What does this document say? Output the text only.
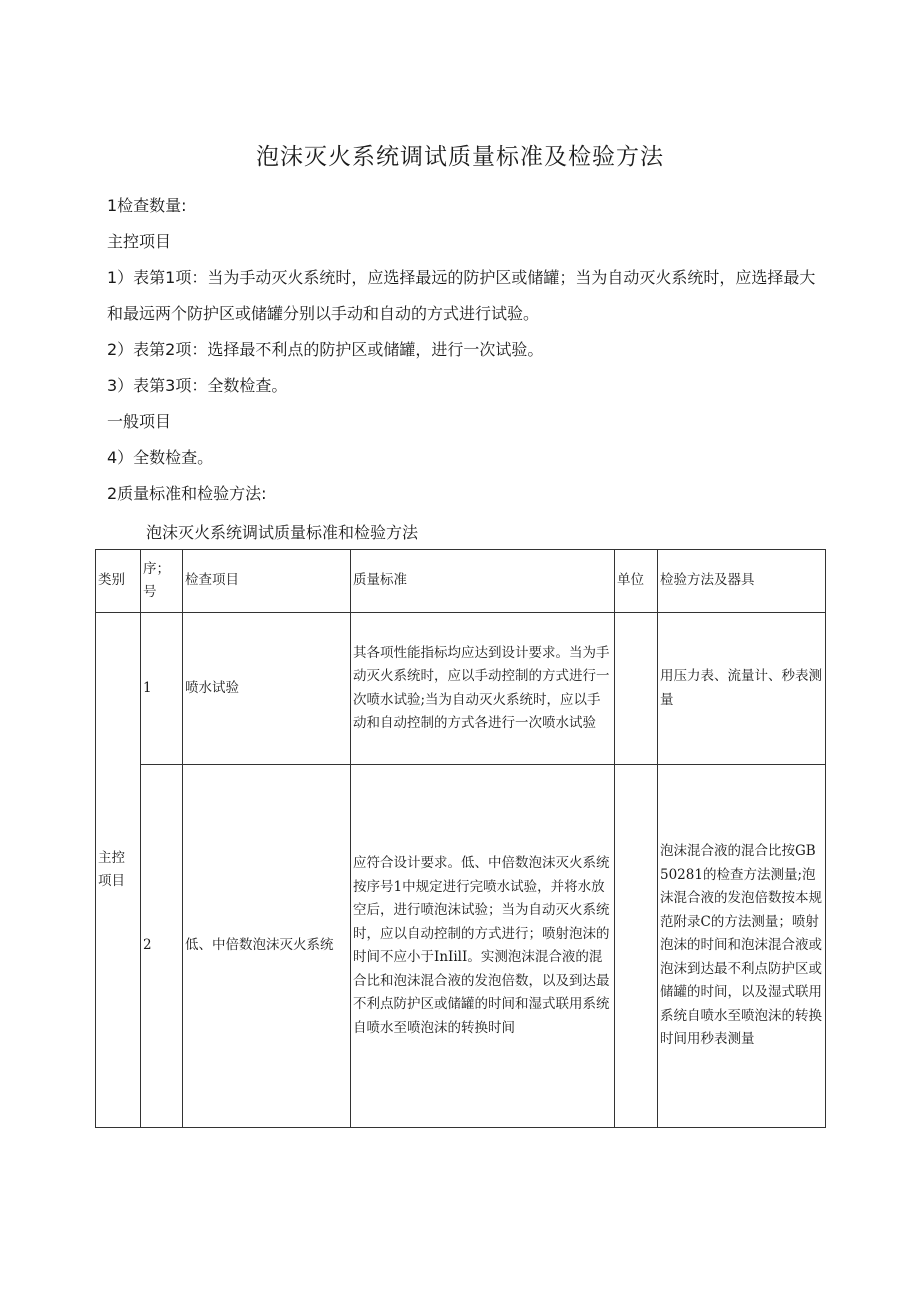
泡沫灭火系统调试质量标准及检验方法
1检查数量:
主控项目
1）表第1项：当为手动灭火系统时，应选择最远的防护区或储罐；当为自动灭火系统时，应选择最大和最远两个防护区或储罐分别以手动和自动的方式进行试验。
2）表第2项：选择最不利点的防护区或储罐，进行一次试验。
3）表第3项：全数检查。
一般项目
4）全数检查。
2质量标准和检验方法:
泡沫灭火系统调试质量标准和检验方法
类别	序；号	检查项目	质量标准	单位	检验方法及器具
主控项目	1	喷水试验	其各项性能指标均应达到设计要求。当为手动灭火系统时，应以手动控制的方式进行一次喷水试验;当为自动灭火系统时，应以手动和自动控制的方式各进行一次喷水试验		用压力表、流量计、秒表测量
	2	低、中倍数泡沫灭火系统	应符合设计要求。低、中倍数泡沫灭火系统按序号1中规定进行完喷水试验，并将水放空后，进行喷泡沫试验；当为自动灭火系统时，应以自动控制的方式进行；喷射泡沫的时间不应小于InIilI。实测泡沫混合液的混合比和泡沫混合液的发泡倍数，以及到达最不利点防护区或储罐的时间和湿式联用系统自喷水至喷泡沫的转换时间		泡沫混合液的混合比按GB50281的检查方法测量;泡沫混合液的发泡倍数按本规范附录C的方法测量；喷射泡沫的时间和泡沫混合液或泡沫到达最不利点防护区或储罐的时间，以及湿式联用系统自喷水至喷泡沫的转换时间用秒表测量
